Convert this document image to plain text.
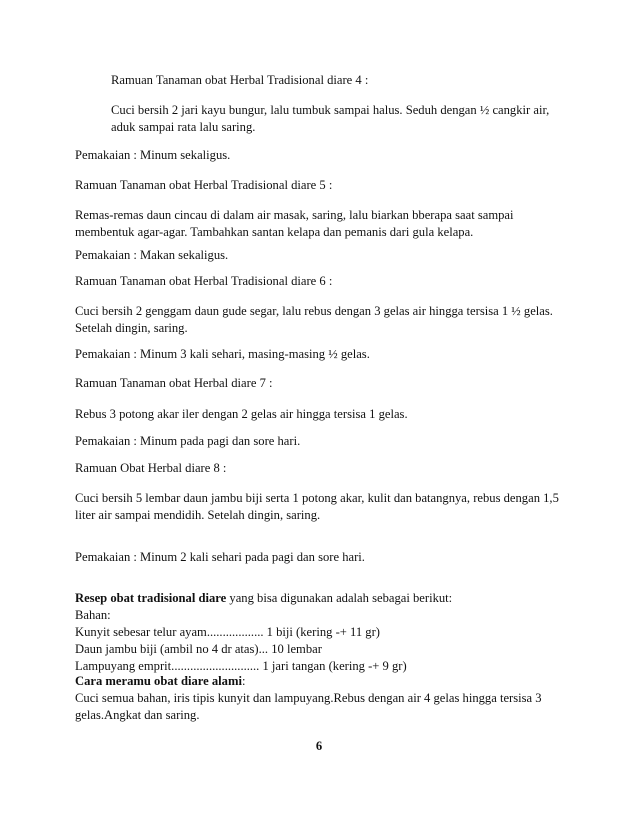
Ramuan Tanaman obat Herbal Tradisional diare 4 :

Cuci bersih 2 jari kayu bungur, lalu tumbuk sampai halus. Seduh dengan ½ cangkir air,
aduk sampai rata lalu saring.

Pemakaian : Minum sekaligus.

Ramuan Tanaman obat Herbal Tradisional diare 5 :

Remas-remas daun cincau di dalam air masak, saring, lalu biarkan bberapa saat sampai
membentuk agar-agar. Tambahkan santan kelapa dan pemanis dari gula kelapa.

Pemakaian : Makan sekaligus.

Ramuan Tanaman obat Herbal Tradisional diare 6 :

Cuci bersih 2 genggam daun gude segar, lalu rebus dengan 3 gelas air hingga tersisa 1 ½ gelas.
Setelah dingin, saring.

Pemakaian : Minum 3 kali sehari, masing-masing ½ gelas.

Ramuan Tanaman obat Herbal diare 7 :

Rebus 3 potong akar iler dengan 2 gelas air hingga tersisa 1 gelas.

Pemakaian : Minum pada pagi dan sore hari.

Ramuan Obat Herbal diare 8 :

Cuci bersih 5 lembar daun jambu biji serta 1 potong akar, kulit dan batangnya, rebus dengan 1,5
liter air sampai mendidih. Setelah dingin, saring.

Pemakaian : Minum 2 kali sehari pada pagi dan sore hari.

Resep obat tradisional diare yang bisa digunakan adalah sebagai berikut:
Bahan:
Kunyit sebesar telur ayam.................. 1 biji (kering -+ 11 gr)
Daun jambu biji (ambil no 4 dr atas)... 10 lembar
Lampuyang emprit............................ 1 jari tangan (kering -+ 9 gr)

Cara meramu obat diare alami:
Cuci semua bahan, iris tipis kunyit dan lampuyang.Rebus dengan air 4 gelas hingga tersisa 3
gelas.Angkat dan saring.

6
